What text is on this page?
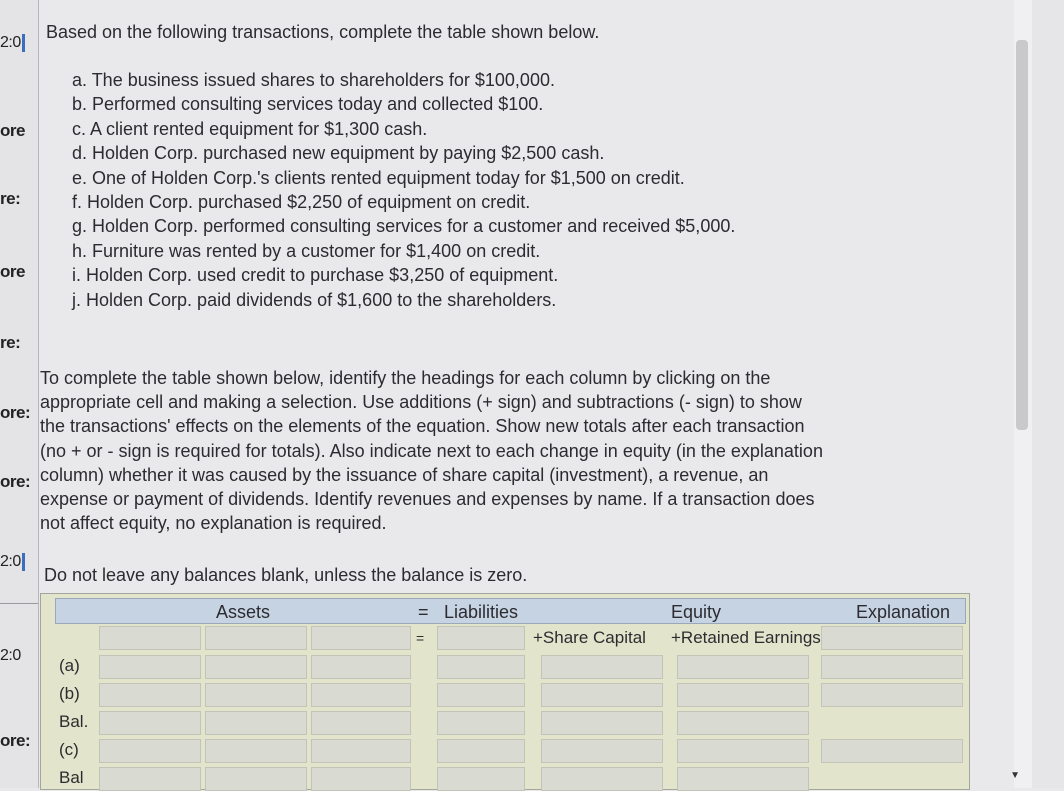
2:0
ore
re:
ore
re:
ore:
ore:
2:0
2:0
ore:
Based on the following transactions, complete the table shown below.
a. The business issued shares to shareholders for $100,000.
b. Performed consulting services today and collected $100.
c. A client rented equipment for $1,300 cash.
d. Holden Corp. purchased new equipment by paying $2,500 cash.
e. One of Holden Corp.'s clients rented equipment today for $1,500 on credit.
f. Holden Corp. purchased $2,250 of equipment on credit.
g. Holden Corp. performed consulting services for a customer and received $5,000.
h. Furniture was rented by a customer for $1,400 on credit.
i. Holden Corp. used credit to purchase $3,250 of equipment.
j. Holden Corp. paid dividends of $1,600 to the shareholders.
To complete the table shown below, identify the headings for each column by clicking on the
appropriate cell and making a selection. Use additions (+ sign) and subtractions (- sign) to show
the transactions' effects on the elements of the equation. Show new totals after each transaction
(no + or - sign is required for totals). Also indicate next to each change in equity (in the explanation
column) whether it was caused by the issuance of share capital (investment), a revenue, an
expense or payment of dividends. Identify revenues and expenses by name. If a transaction does
not affect equity, no explanation is required.
Do not leave any balances blank, unless the balance is zero.
Assets	= Liabilities	Equity	Explanation
=	+Share Capital +Retained Earnings
(a)
(b)
Bal.
(c)
Bal	▼
